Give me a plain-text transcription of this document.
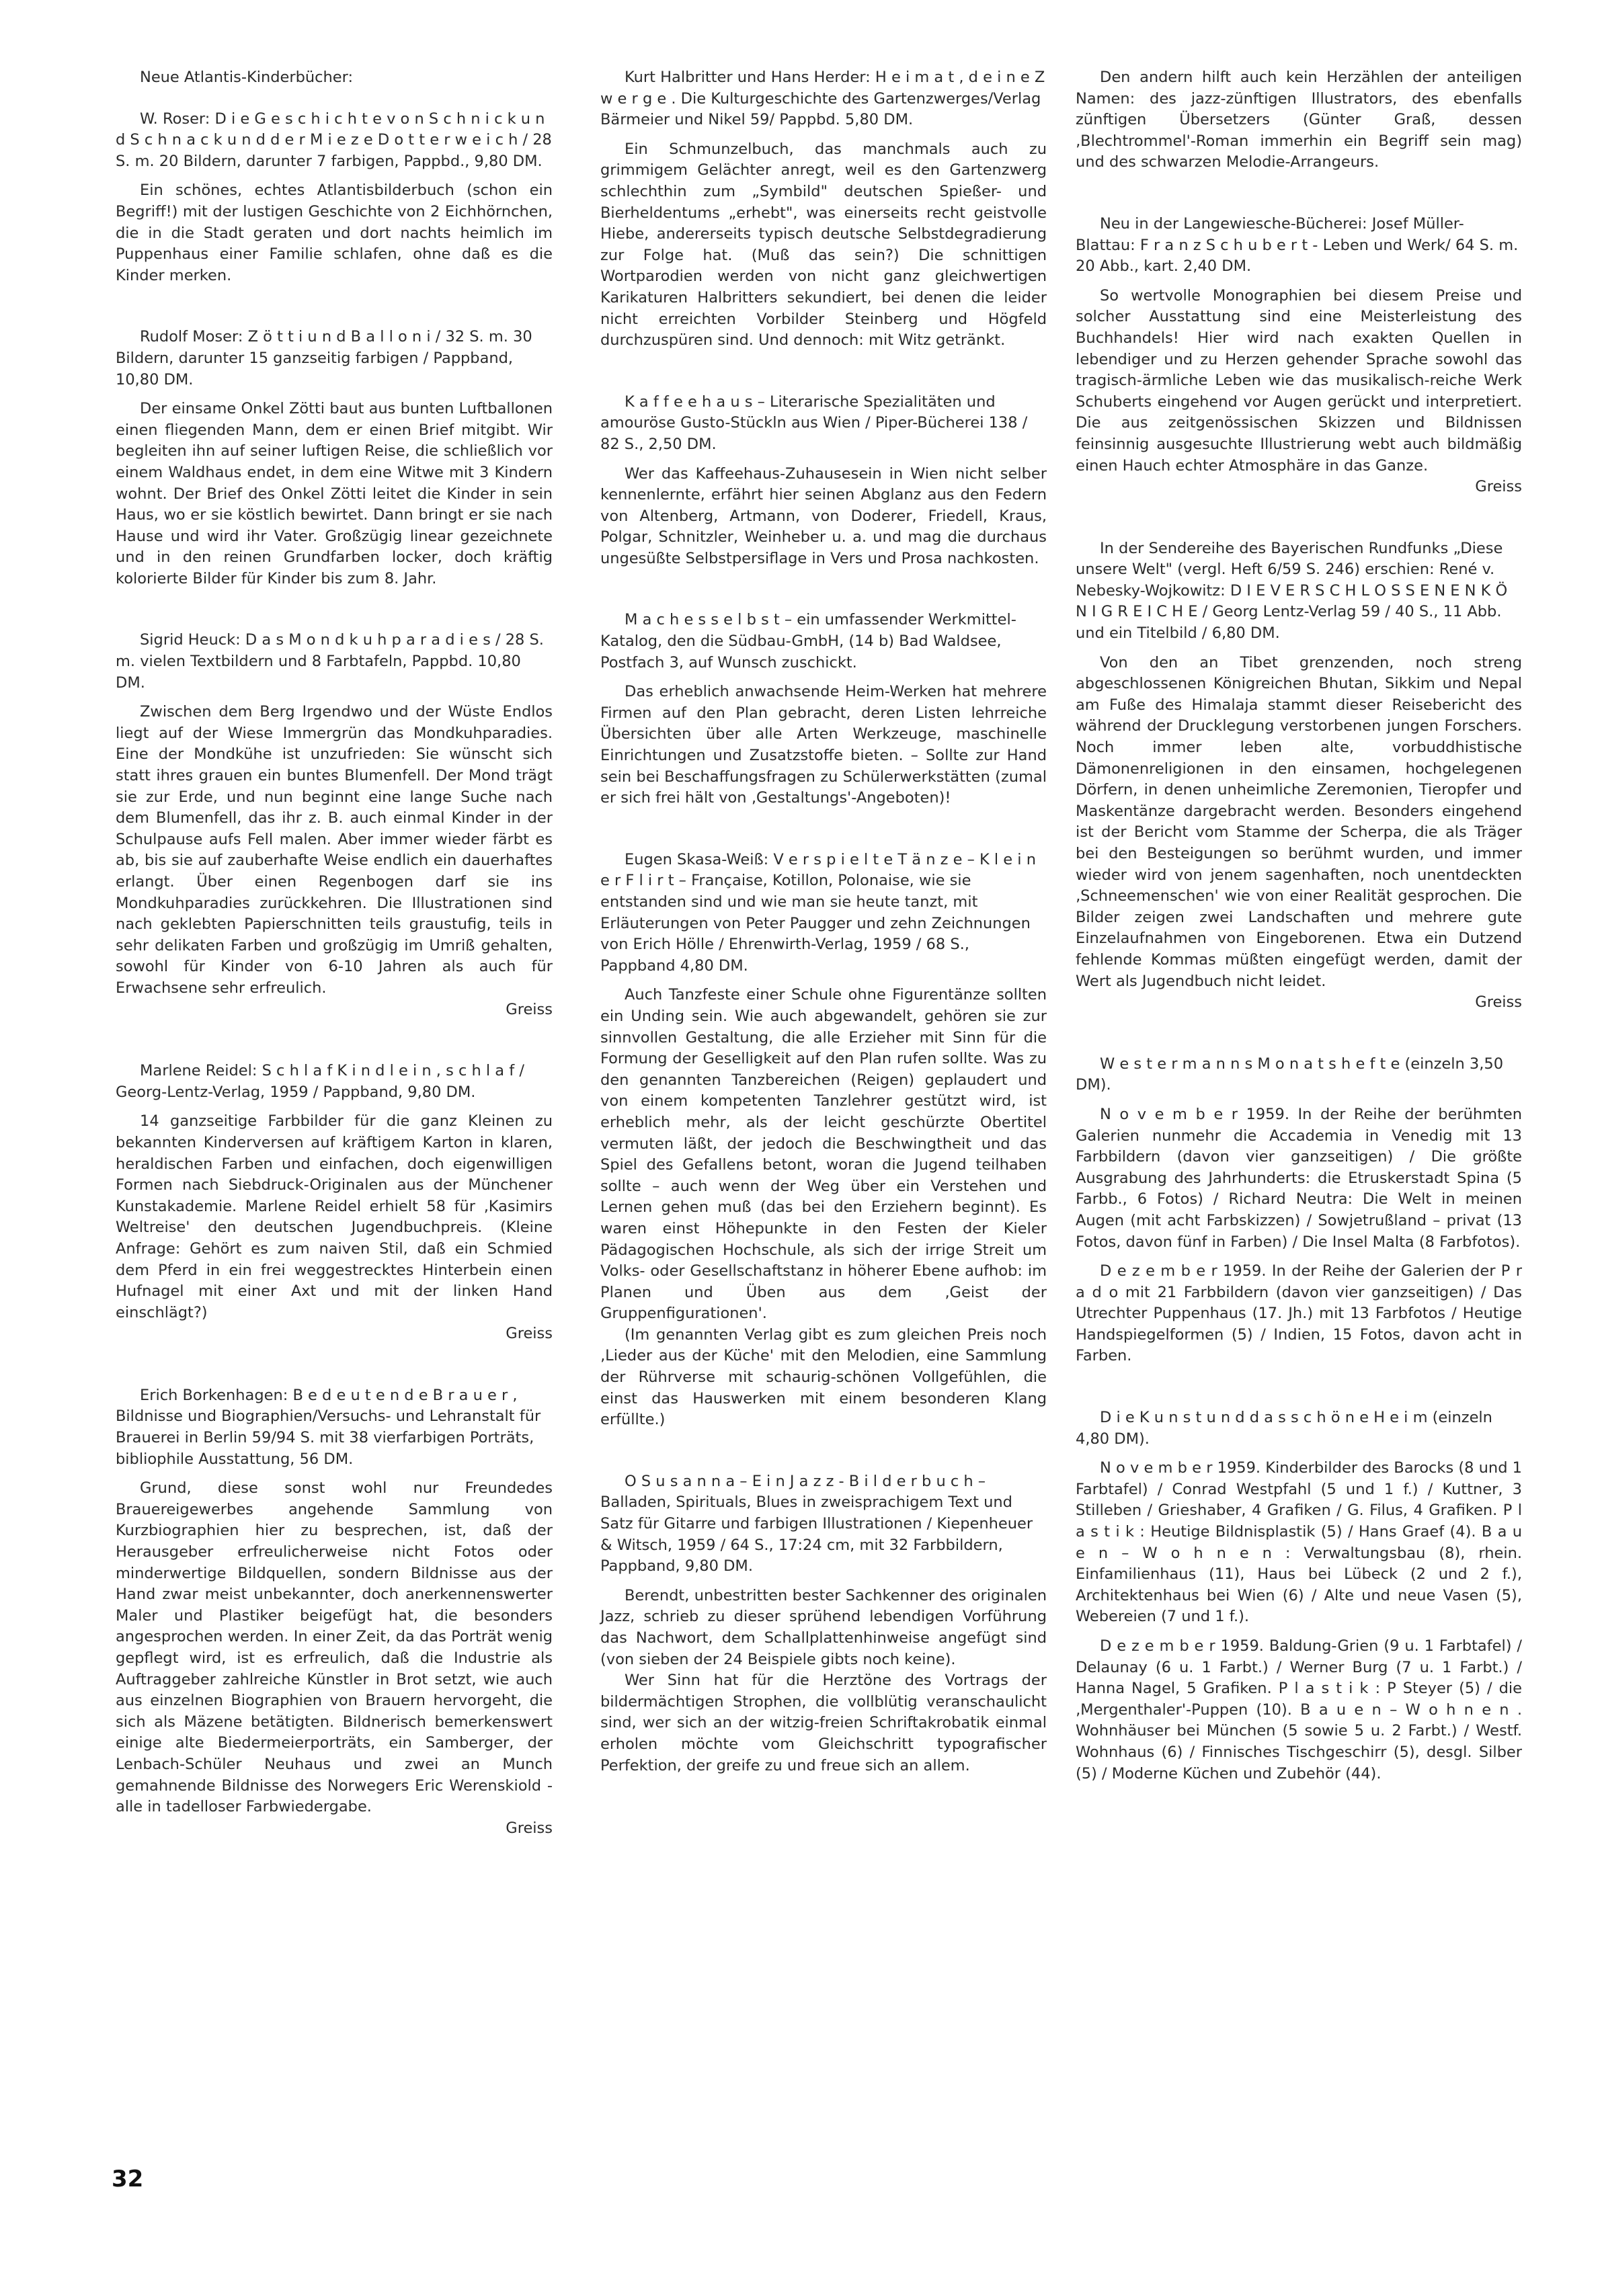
Neue Atlantis-Kinderbücher:

W. Roser: D i e G e s c h i c h t e v o n S c h n i c k u n d S c h n a c k u n d d e r M i e z e D o t t e r w e i c h / 28 S. m. 20 Bildern, darunter 7 farbigen, Pappbd., 9,80 DM.

Ein schönes, echtes Atlantisbilderbuch (schon ein Begriff!) mit der lustigen Geschichte von 2 Eichhörnchen, die in die Stadt geraten und dort nachts heimlich im Puppenhaus einer Familie schlafen, ohne daß es die Kinder merken.

Rudolf Moser: Z ö t t i u n d B a l l o n i / 32 S. m. 30 Bildern, darunter 15 ganzseitig farbigen / Pappband, 10,80 DM.

Der einsame Onkel Zötti baut aus bunten Luftballonen einen fliegenden Mann, dem er einen Brief mitgibt. Wir begleiten ihn auf seiner luftigen Reise, die schließlich vor einem Waldhaus endet, in dem eine Witwe mit 3 Kindern wohnt. Der Brief des Onkel Zötti leitet die Kinder in sein Haus, wo er sie köstlich bewirtet. Dann bringt er sie nach Hause und wird ihr Vater. Großzügig linear gezeichnete und in den reinen Grundfarben locker, doch kräftig kolorierte Bilder für Kinder bis zum 8. Jahr.

Sigrid Heuck: D a s M o n d k u h p a r a d i e s / 28 S. m. vielen Textbildern und 8 Farbtafeln, Pappbd. 10,80 DM.

Zwischen dem Berg Irgendwo und der Wüste Endlos liegt auf der Wiese Immergrün das Mondkuhparadies. Eine der Mondkühe ist unzufrieden: Sie wünscht sich statt ihres grauen ein buntes Blumenfell. Der Mond trägt sie zur Erde, und nun beginnt eine lange Suche nach dem Blumenfell, das ihr z. B. auch einmal Kinder in der Schulpause aufs Fell malen. Aber immer wieder färbt es ab, bis sie auf zauberhafte Weise endlich ein dauerhaftes erlangt. Über einen Regenbogen darf sie ins Mondkuhparadies zurückkehren. Die Illustrationen sind nach geklebten Papierschnitten teils graustufig, teils in sehr delikaten Farben und großzügig im Umriß gehalten, sowohl für Kinder von 6-10 Jahren als auch für Erwachsene sehr erfreulich.
Greiss

Marlene Reidel: S c h l a f K i n d l e i n , s c h l a f / Georg-Lentz-Verlag, 1959 / Pappband, 9,80 DM.

14 ganzseitige Farbbilder für die ganz Kleinen zu bekannten Kinderversen auf kräftigem Karton in klaren, heraldischen Farben und einfachen, doch eigenwilligen Formen nach Siebdruck-Originalen aus der Münchener Kunstakademie. Marlene Reidel erhielt 58 für ‚Kasimirs Weltreise' den deutschen Jugendbuchpreis. (Kleine Anfrage: Gehört es zum naiven Stil, daß ein Schmied dem Pferd in ein frei weggestrecktes Hinterbein einen Hufnagel mit einer Axt und mit der linken Hand einschlägt?)
Greiss

Erich Borkenhagen: B e d e u t e n d e B r a u e r , Bildnisse und Biographien/Versuchs- und Lehranstalt für Brauerei in Berlin 59/94 S. mit 38 vierfarbigen Porträts, bibliophile Ausstattung, 56 DM.

Grund, diese sonst wohl nur Freundedes Brauereigewerbes angehende Sammlung von Kurzbiographien hier zu besprechen, ist, daß der Herausgeber erfreulicherweise nicht Fotos oder minderwertige Bildquellen, sondern Bildnisse aus der Hand zwar meist unbekannter, doch anerkennenswerter Maler und Plastiker beigefügt hat, die besonders angesprochen werden. In einer Zeit, da das Porträt wenig gepflegt wird, ist es erfreulich, daß die Industrie als Auftraggeber zahlreiche Künstler in Brot setzt, wie auch aus einzelnen Biographien von Brauern hervorgeht, die sich als Mäzene betätigten. Bildnerisch bemerkenswert einige alte Biedermeierporträts, ein Samberger, der Lenbach-Schüler Neuhaus und zwei an Munch gemahnende Bildnisse des Norwegers Eric Werenskiold - alle in tadelloser Farbwiedergabe.
Greiss

Kurt Halbritter und Hans Herder: H e i m a t , d e i n e Z w e r g e . Die Kulturgeschichte des Gartenzwerges/Verlag Bärmeier und Nikel 59/ Pappbd. 5,80 DM.

Ein Schmunzelbuch, das manchmals auch zu grimmigem Gelächter anregt, weil es den Gartenzwerg schlechthin zum „Symbild" deutschen Spießer- und Bierheldentums „erhebt", was einerseits recht geistvolle Hiebe, andererseits typisch deutsche Selbstdegradierung zur Folge hat. (Muß das sein?) Die schnittigen Wortparodien werden von nicht ganz gleichwertigen Karikaturen Halbritters sekundiert, bei denen die leider nicht erreichten Vorbilder Steinberg und Högfeld durchzuspüren sind. Und dennoch: mit Witz getränkt.

K a f f e e h a u s – Literarische Spezialitäten und amouröse Gusto-Stückln aus Wien / Piper-Bücherei 138 / 82 S., 2,50 DM.

Wer das Kaffeehaus-Zuhausesein in Wien nicht selber kennenlernte, erfährt hier seinen Abglanz aus den Federn von Altenberg, Artmann, von Doderer, Friedell, Kraus, Polgar, Schnitzler, Weinheber u. a. und mag die durchaus ungesüßte Selbstpersiflage in Vers und Prosa nachkosten.

M a c h e s s e l b s t – ein umfassender Werkmittel-Katalog, den die Südbau-GmbH, (14 b) Bad Waldsee, Postfach 3, auf Wunsch zuschickt.

Das erheblich anwachsende Heim-Werken hat mehrere Firmen auf den Plan gebracht, deren Listen lehrreiche Übersichten über alle Arten Werkzeuge, maschinelle Einrichtungen und Zusatzstoffe bieten. – Sollte zur Hand sein bei Beschaffungsfragen zu Schülerwerkstätten (zumal er sich frei hält von ‚Gestaltungs'-Angeboten)!

Eugen Skasa-Weiß: V e r s p i e l t e T ä n z e – K l e i n e r F l i r t – Française, Kotillon, Polonaise, wie sie entstanden sind und wie man sie heute tanzt, mit Erläuterungen von Peter Paugger und zehn Zeichnungen von Erich Hölle / Ehrenwirth-Verlag, 1959 / 68 S., Pappband 4,80 DM.

Auch Tanzfeste einer Schule ohne Figurentänze sollten ein Unding sein. Wie auch abgewandelt, gehören sie zur sinnvollen Gestaltung, die alle Erzieher mit Sinn für die Formung der Geselligkeit auf den Plan rufen sollte. Was zu den genannten Tanzbereichen (Reigen) geplaudert und von einem kompetenten Tanzlehrer gestützt wird, ist erheblich mehr, als der leicht geschürzte Obertitel vermuten läßt, der jedoch die Beschwingtheit und das Spiel des Gefallens betont, woran die Jugend teilhaben sollte – auch wenn der Weg über ein Verstehen und Lernen gehen muß (das bei den Erziehern beginnt). Es waren einst Höhepunkte in den Festen der Kieler Pädagogischen Hochschule, als sich der irrige Streit um Volks- oder Gesellschaftstanz in höherer Ebene aufhob: im Planen und Üben aus dem ‚Geist der Gruppenfigurationen'.

(Im genannten Verlag gibt es zum gleichen Preis noch ‚Lieder aus der Küche' mit den Melodien, eine Sammlung der Rührverse mit schaurig-schönen Vollgefühlen, die einst das Hauswerken mit einem besonderen Klang erfüllte.)

O S u s a n n a – E i n J a z z - B i l d e r b u c h – Balladen, Spirituals, Blues in zweisprachigem Text und Satz für Gitarre und farbigen Illustrationen / Kiepenheuer & Witsch, 1959 / 64 S., 17:24 cm, mit 32 Farbbildern, Pappband, 9,80 DM.

Berendt, unbestritten bester Sachkenner des originalen Jazz, schrieb zu dieser sprühend lebendigen Vorführung das Nachwort, dem Schallplattenhinweise angefügt sind (von sieben der 24 Beispiele gibts noch keine).

Wer Sinn hat für die Herztöne des Vortrags der bildermächtigen Strophen, die vollblütig veranschaulicht sind, wer sich an der witzig-freien Schriftakrobatik einmal erholen möchte vom Gleichschritt typografischer Perfektion, der greife zu und freue sich an allem.

Den andern hilft auch kein Herzählen der anteiligen Namen: des jazz-zünftigen Illustrators, des ebenfalls zünftigen Übersetzers (Günter Graß, dessen ‚Blechtrommel'-Roman immerhin ein Begriff sein mag) und des schwarzen Melodie-Arrangeurs.

Neu in der Langewiesche-Bücherei: Josef Müller-Blattau: F r a n z S c h u b e r t - Leben und Werk/ 64 S. m. 20 Abb., kart. 2,40 DM.

So wertvolle Monographien bei diesem Preise und solcher Ausstattung sind eine Meisterleistung des Buchhandels! Hier wird nach exakten Quellen in lebendiger und zu Herzen gehender Sprache sowohl das tragisch-ärmliche Leben wie das musikalisch-reiche Werk Schuberts eingehend vor Augen gerückt und interpretiert. Die aus zeitgenössischen Skizzen und Bildnissen feinsinnig ausgesuchte Illustrierung webt auch bildmäßig einen Hauch echter Atmosphäre in das Ganze.
Greiss

In der Sendereihe des Bayerischen Rundfunks „Diese unsere Welt" (vergl. Heft 6/59 S. 246) erschien: René v. Nebesky-Wojkowitz: D I E V E R S C H L O S S E N E N K Ö N I G R E I C H E / Georg Lentz-Verlag 59 / 40 S., 11 Abb. und ein Titelbild / 6,80 DM.

Von den an Tibet grenzenden, noch streng abgeschlossenen Königreichen Bhutan, Sikkim und Nepal am Fuße des Himalaja stammt dieser Reisebericht des während der Drucklegung verstorbenen jungen Forschers. Noch immer leben alte, vorbuddhistische Dämonenreligionen in den einsamen, hochgelegenen Dörfern, in denen unheimliche Zeremonien, Tieropfer und Maskentänze dargebracht werden. Besonders eingehend ist der Bericht vom Stamme der Scherpa, die als Träger bei den Besteigungen so berühmt wurden, und immer wieder wird von jenem sagenhaften, noch unentdeckten ‚Schneemenschen' wie von einer Realität gesprochen. Die Bilder zeigen zwei Landschaften und mehrere gute Einzelaufnahmen von Eingeborenen. Etwa ein Dutzend fehlende Kommas müßten eingefügt werden, damit der Wert als Jugendbuch nicht leidet.
Greiss

W e s t e r m a n n s M o n a t s h e f t e (einzeln 3,50 DM).

N o v e m b e r 1959. In der Reihe der berühmten Galerien nunmehr die Accademia in Venedig mit 13 Farbbildern (davon vier ganzseitigen) / Die größte Ausgrabung des Jahrhunderts: die Etruskerstadt Spina (5 Farbb., 6 Fotos) / Richard Neutra: Die Welt in meinen Augen (mit acht Farbskizzen) / Sowjetrußland – privat (13 Fotos, davon fünf in Farben) / Die Insel Malta (8 Farbfotos).

D e z e m b e r 1959. In der Reihe der Galerien der P r a d o mit 21 Farbbildern (davon vier ganzseitigen) / Das Utrechter Puppenhaus (17. Jh.) mit 13 Farbfotos / Heutige Handspiegelformen (5) / Indien, 15 Fotos, davon acht in Farben.

D i e K u n s t u n d d a s s c h ö n e H e i m (einzeln 4,80 DM).

N o v e m b e r 1959. Kinderbilder des Barocks (8 und 1 Farbtafel) / Conrad Westpfahl (5 und 1 f.) / Kuttner, 3 Stilleben / Grieshaber, 4 Grafiken / G. Filus, 4 Grafiken. P l a s t i k : Heutige Bildnisplastik (5) / Hans Graef (4). B a u e n – W o h n e n : Verwaltungsbau (8), rhein. Einfamilienhaus (11), Haus bei Lübeck (2 und 2 f.), Architektenhaus bei Wien (6) / Alte und neue Vasen (5), Webereien (7 und 1 f.).

D e z e m b e r 1959. Baldung-Grien (9 u. 1 Farbtafel) / Delaunay (6 u. 1 Farbt.) / Werner Burg (7 u. 1 Farbt.) / Hanna Nagel, 5 Grafiken. P l a s t i k : P Steyer (5) / die ‚Mergenthaler'-Puppen (10). B a u e n – W o h n e n . Wohnhäuser bei München (5 sowie 5 u. 2 Farbt.) / Westf. Wohnhaus (6) / Finnisches Tischgeschirr (5), desgl. Silber (5) / Moderne Küchen und Zubehör (44).

32
